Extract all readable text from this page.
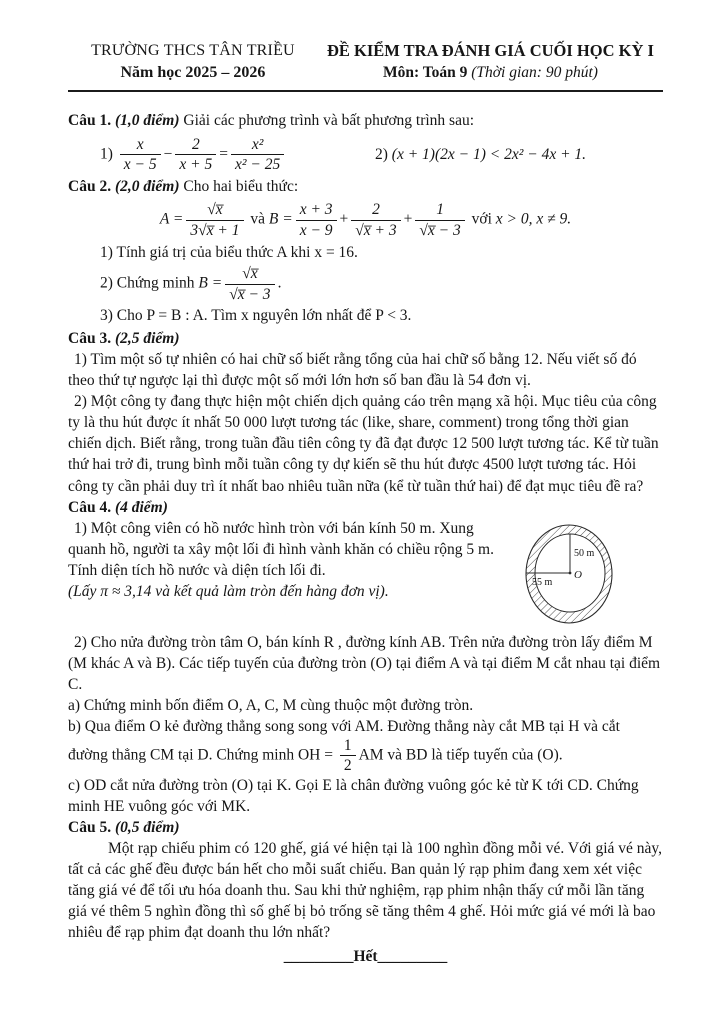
TRƯỜNG THCS TÂN TRIỀU
Năm học 2025 – 2026
ĐỀ KIỂM TRA ĐÁNH GIÁ CUỐI HỌC KỲ I
Môn: Toán 9 (Thời gian: 90 phút)

Câu 1. (1,0 điểm) Giải các phương trình và bất phương trình sau:

$1) \frac{x}{x - 5} - \frac{2}{x + 5} = \frac{\text{x²}}{\text{x² − 25}}$	2) (x + 1)(2x − 1) < 2x² − 4x + 1.

Câu 2. (2,0 điểm) Cho hai biểu thức:

$A = \frac{√x̅}{3√x̅ + 1}$ và $B = \frac{x + 3}{x - 9} + \frac{2}{√x̅ + 3} + \frac{1}{√x̅ - 3}$ với x > 0, x ≠ 9.

1) Tính giá trị của biểu thức A khi x = 16.

2) Chứng minh $B = \frac{√x̅}{√x̅ - 3}$ .

3) Cho P = B : A. Tìm x nguyên lớn nhất để P < 3.

Câu 3. (2,5 điểm)

1) Tìm một số tự nhiên có hai chữ số biết rằng tổng của hai chữ số bằng 12. Nếu viết số đó theo thứ tự ngược lại thì được một số mới lớn hơn số ban đầu là 54 đơn vị.

2) Một công ty đang thực hiện một chiến dịch quảng cáo trên mạng xã hội. Mục tiêu của công ty là thu hút được ít nhất 50 000 lượt tương tác (like, share, comment) trong tổng thời gian chiến dịch. Biết rằng, trong tuần đầu tiên công ty đã đạt được 12 500 lượt tương tác. Kể từ tuần thứ hai trở đi, trung bình mỗi tuần công ty dự kiến sẽ thu hút được 4500 lượt tương tác. Hỏi công ty cần phải duy trì ít nhất bao nhiêu tuần nữa (kể từ tuần thứ hai) để đạt mục tiêu đề ra?

Câu 4. (4 điểm)

50 m
55 m
O

1) Một công viên có hồ nước hình tròn với bán kính 50 m. Xung quanh hồ, người ta xây một lối đi hình vành khăn có chiều rộng 5 m. Tính diện tích hồ nước và diện tích lối đi.

(Lấy π ≈ 3,14 và kết quả làm tròn đến hàng đơn vị).

2) Cho nửa đường tròn tâm O, bán kính R , đường kính AB. Trên nửa đường tròn lấy điểm M (M khác A và B). Các tiếp tuyến của đường tròn (O) tại điểm A và tại điểm M cắt nhau tại điểm C.

a) Chứng minh bốn điểm O, A, C, M cùng thuộc một đường tròn.

b) Qua điểm O kẻ đường thẳng song song với AM. Đường thẳng này cắt MB tại H và cắt đường thẳng CM tại D. Chứng minh OH = $\frac{1}{2}$ AM và BD là tiếp tuyến của (O).

c) OD cắt nửa đường tròn (O) tại K. Gọi E là chân đường vuông góc kẻ từ K tới CD. Chứng minh HE vuông góc với MK.

Câu 5. (0,5 điểm)

Một rạp chiếu phim có 120 ghế, giá vé hiện tại là 100 nghìn đồng mỗi vé. Với giá vé này, tất cả các ghế đều được bán hết cho mỗi suất chiếu. Ban quản lý rạp phim đang xem xét việc tăng giá vé để tối ưu hóa doanh thu. Sau khi thử nghiệm, rạp phim nhận thấy cứ mỗi lần tăng giá vé thêm 5 nghìn đồng thì số ghế bị bỏ trống sẽ tăng thêm 4 ghế. Hỏi mức giá vé mới là bao nhiêu để rạp phim đạt doanh thu lớn nhất?

_________Hết_________
